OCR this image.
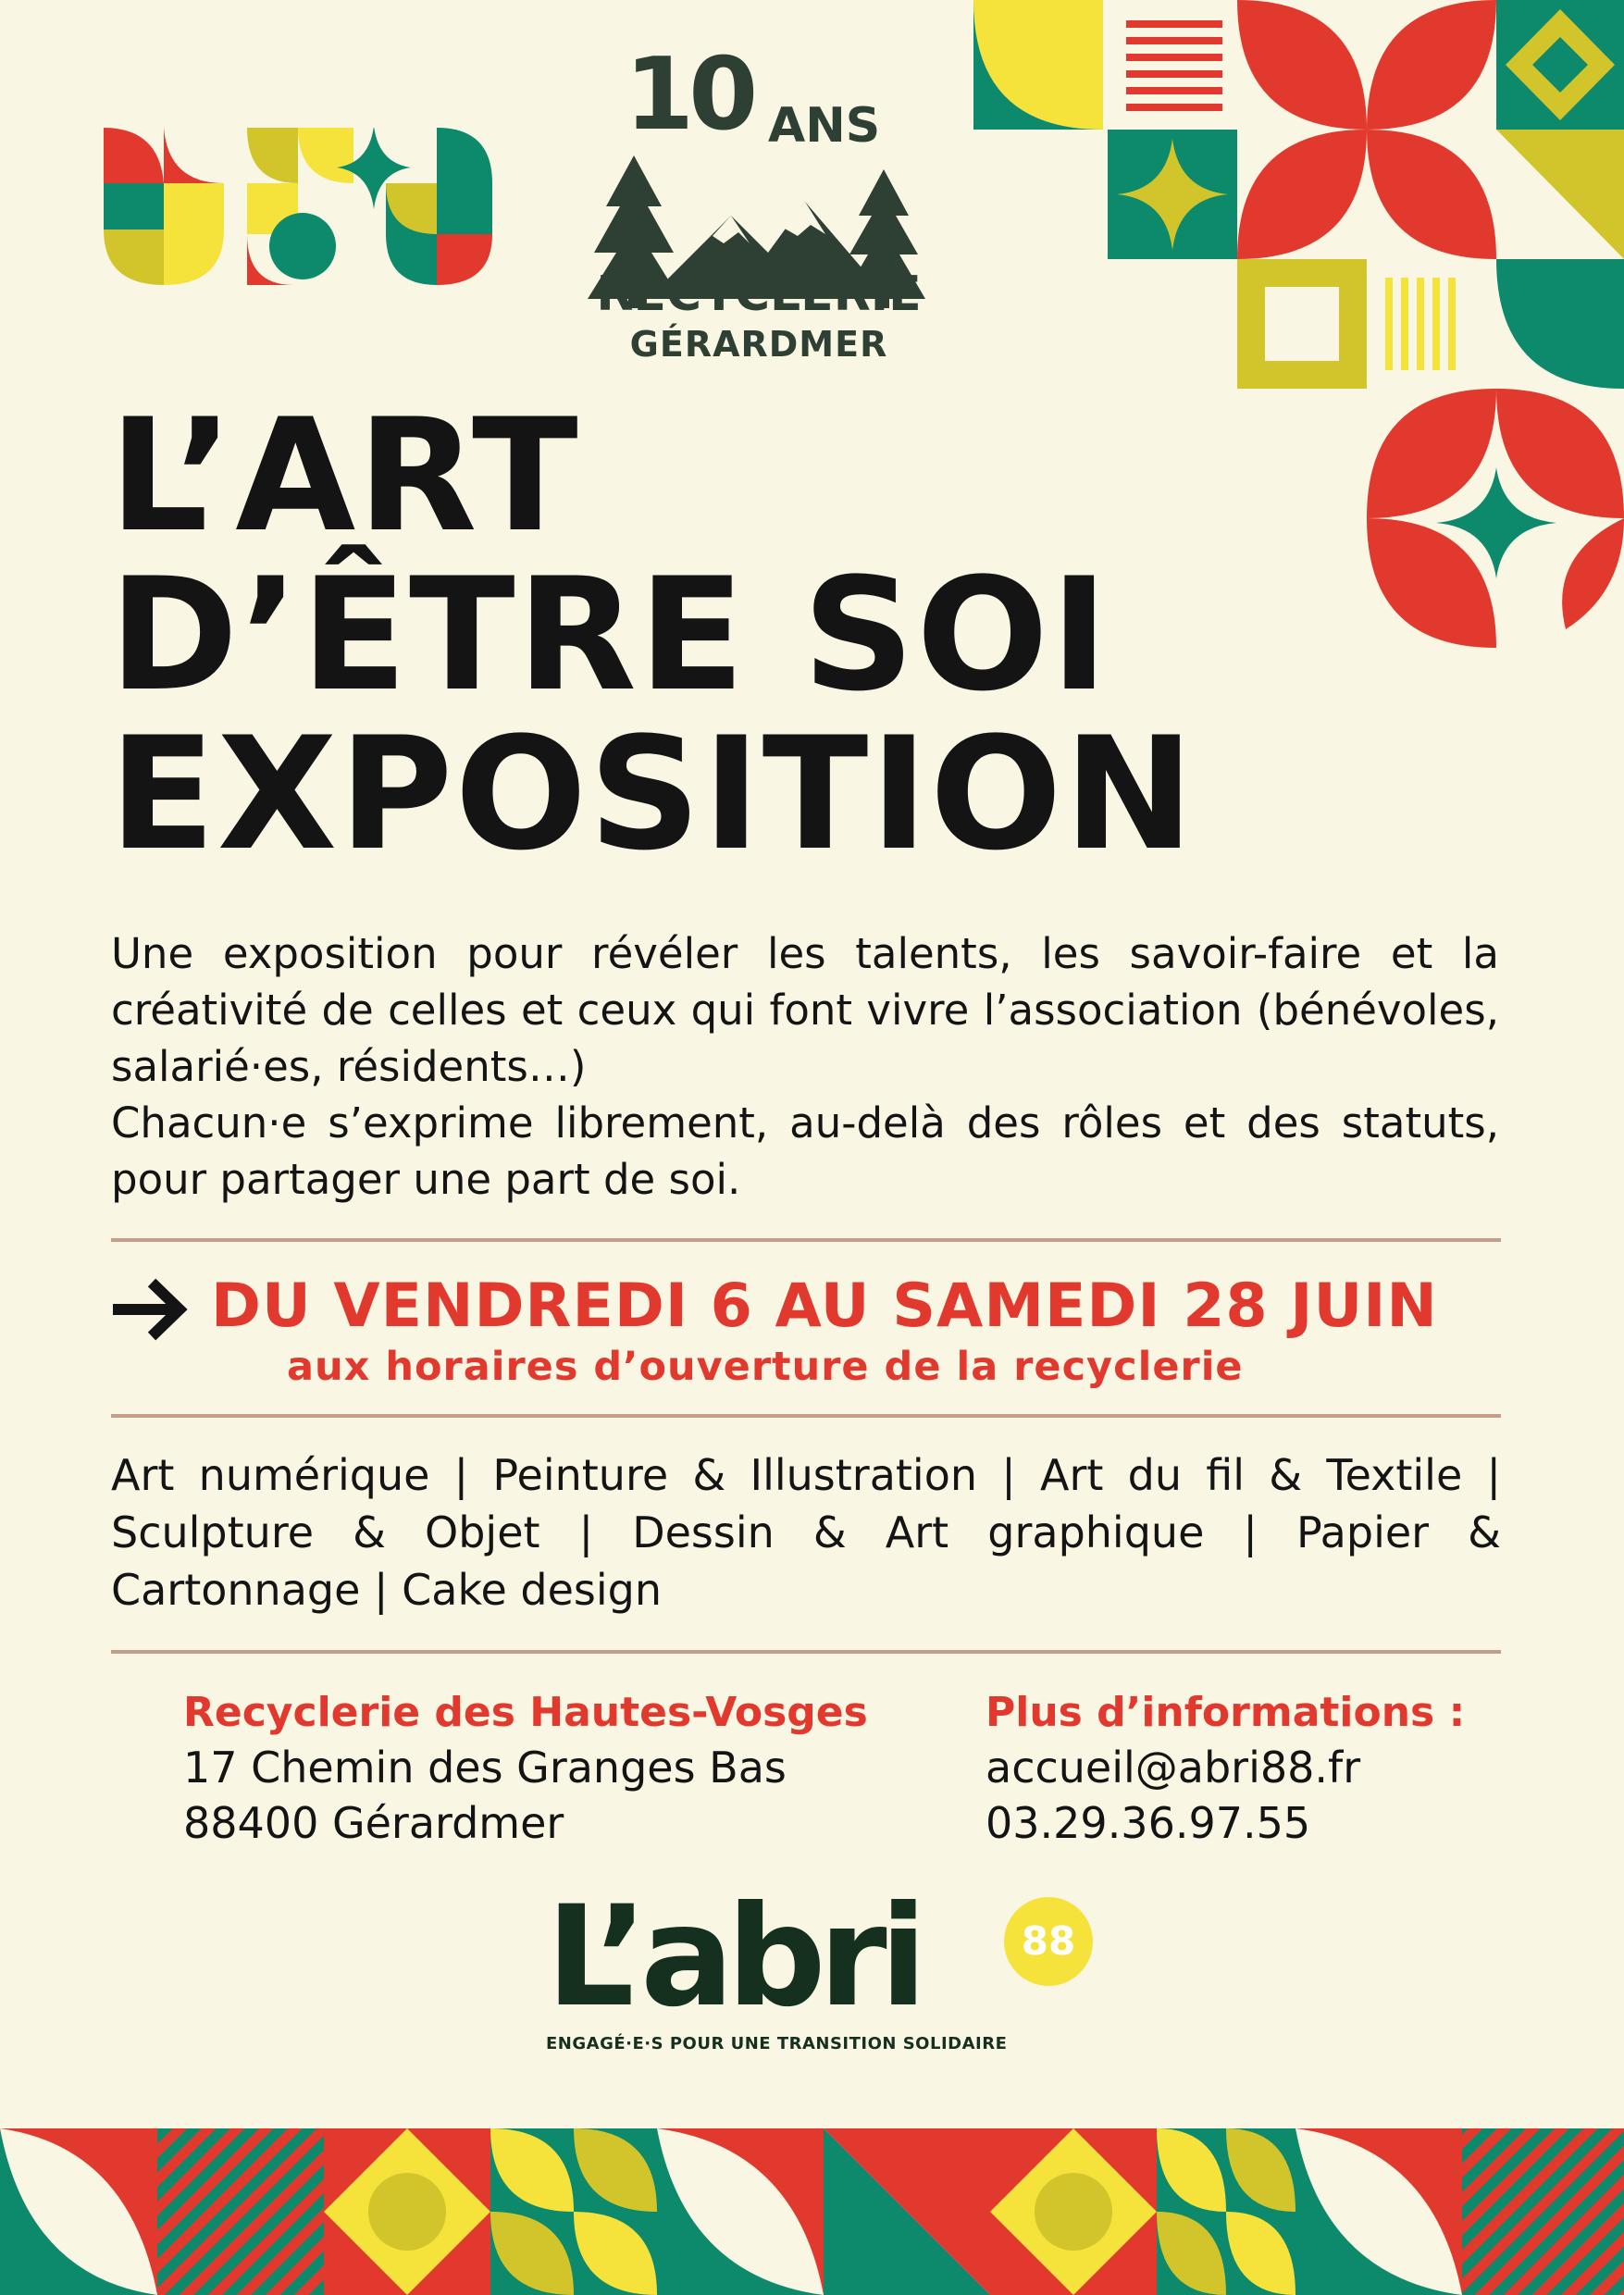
10 ANS
RECYCLERIE
GÉRARDMER
L’ART
D’ÊTRE SOI
EXPOSITION

Une exposition pour révéler les talents, les savoir-faire et la créativité de celles et ceux qui font vivre l’association (bénévoles, salarié·es, résidents…)

Chacun·e s’exprime librement, au-delà des rôles et des statuts, pour partager une part de soi.

DU VENDREDI 6 AU SAMEDI 28 JUIN
aux horaires d’ouverture de la recyclerie
Art numérique | Peinture & Illustration | Art du fil & Textile | Sculpture & Objet | Dessin & Art graphique | Papier & Cartonnage | Cake design
Recyclerie des Hautes-Vosges
17 Chemin des Granges Bas
88400 Gérardmer
Plus d’informations :
accueil@abri88.fr
03.29.36.97.55
L’abri	88
ENGAGÉ·E·S POUR UNE TRANSITION SOLIDAIRE
